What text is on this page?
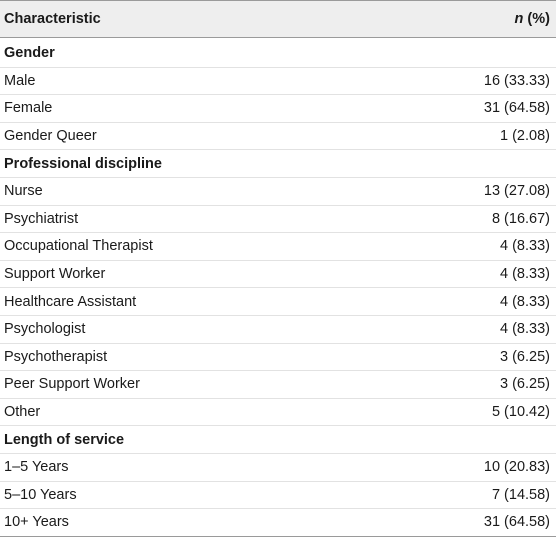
Characteristic	n (%)
Gender
Male	16 (33.33)
Female	31 (64.58)
Gender Queer	1 (2.08)
Professional discipline
Nurse	13 (27.08)
Psychiatrist	8 (16.67)
Occupational Therapist	4 (8.33)
Support Worker	4 (8.33)
Healthcare Assistant	4 (8.33)
Psychologist	4 (8.33)
Psychotherapist	3 (6.25)
Peer Support Worker	3 (6.25)
Other	5 (10.42)
Length of service
1–5 Years	10 (20.83)
5–10 Years	7 (14.58)
10+ Years	31 (64.58)
